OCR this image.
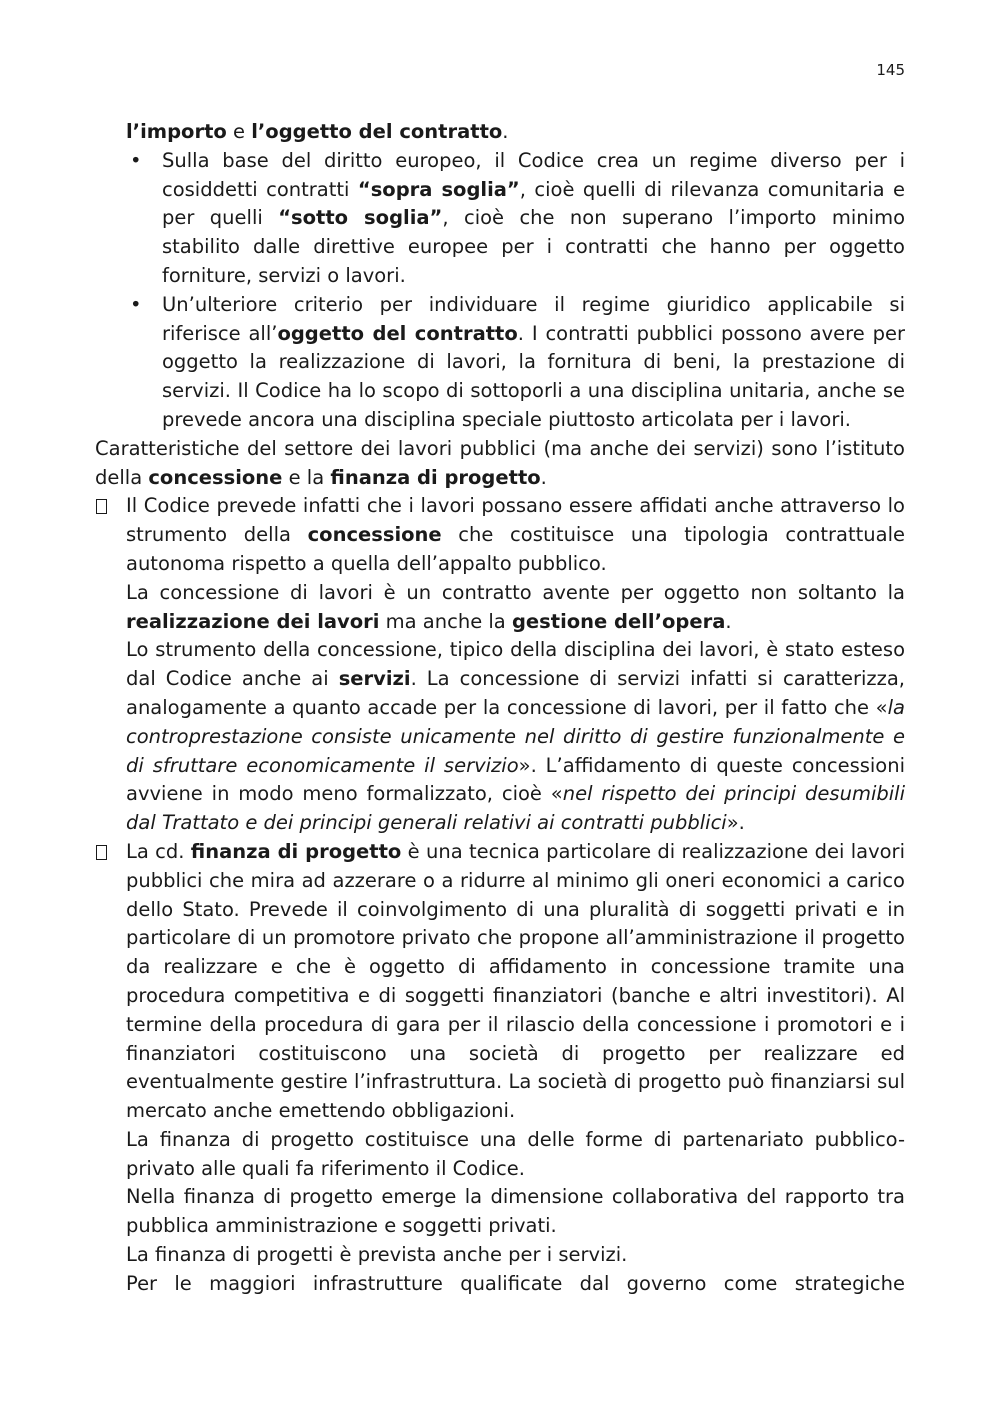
145

l’importo e l’oggetto del contratto.

• Sulla base del diritto europeo, il Codice crea un regime diverso per i cosiddetti contratti “sopra soglia”, cioè quelli di rilevanza comunitaria e per quelli “sotto soglia”, cioè che non superano l’importo minimo stabilito dalle direttive europee per i contratti che hanno per oggetto forniture, servizi o lavori.
• Un’ulteriore criterio per individuare il regime giuridico applicabile si riferisce all’oggetto del contratto. I contratti pubblici possono avere per oggetto la realizzazione di lavori, la fornitura di beni, la prestazione di servizi. Il Codice ha lo scopo di sottoporli a una disciplina unitaria, anche se prevede ancora una disciplina speciale piuttosto articolata per i lavori.

Caratteristiche del settore dei lavori pubblici (ma anche dei servizi) sono l’istituto della concessione e la finanza di progetto.

Il Codice prevede infatti che i lavori possano essere affidati anche attraverso lo strumento della concessione che costituisce una tipologia contrattuale autonoma rispetto a quella dell’appalto pubblico.

La concessione di lavori è un contratto avente per oggetto non soltanto la realizzazione dei lavori ma anche la gestione dell’opera.

Lo strumento della concessione, tipico della disciplina dei lavori, è stato esteso dal Codice anche ai servizi. La concessione di servizi infatti si caratterizza, analogamente a quanto accade per la concessione di lavori, per il fatto che «la controprestazione consiste unicamente nel diritto di gestire funzionalmente e di sfruttare economicamente il servizio». L’affidamento di queste concessioni avviene in modo meno formalizzato, cioè «nel rispetto dei principi desumibili dal Trattato e dei principi generali relativi ai contratti pubblici».

La cd. finanza di progetto è una tecnica particolare di realizzazione dei lavori pubblici che mira ad azzerare o a ridurre al minimo gli oneri economici a carico dello Stato. Prevede il coinvolgimento di una pluralità di soggetti privati e in particolare di un promotore privato che propone all’amministrazione il progetto da realizzare e che è oggetto di affidamento in concessione tramite una procedura competitiva e di soggetti finanziatori (banche e altri investitori). Al termine della procedura di gara per il rilascio della concessione i promotori e i finanziatori costituiscono una società di progetto per realizzare ed eventualmente gestire l’infrastruttura. La società di progetto può finanziarsi sul mercato anche emettendo obbligazioni.

La finanza di progetto costituisce una delle forme di partenariato pubblico-privato alle quali fa riferimento il Codice.

Nella finanza di progetto emerge la dimensione collaborativa del rapporto tra pubblica amministrazione e soggetti privati.

La finanza di progetti è prevista anche per i servizi.

Per le maggiori infrastrutture qualificate dal governo come strategiche
